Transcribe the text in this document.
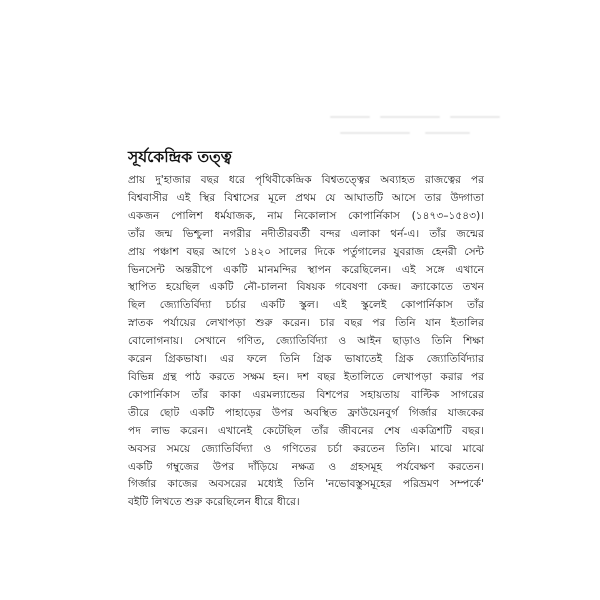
সূর্যকেন্দ্রিক তত্ত্ব

প্রায় দু'হাজার বছর ধরে পৃথিবীকেন্দ্রিক বিশ্বতত্ত্বের অব্যাহত রাজত্বের পর

বিশ্ববাসীর এই স্থির বিশ্বাসের মূলে প্রথম যে আঘাতটি আসে তার উদ্গাতা

একজন পোলিশ ধর্মযাজক, নাম নিকোলাস কোপার্নিকাস (১৪৭৩–১৫৪৩)।

তাঁর জন্ম ভিশ্চুলা নগরীর নদীতীরবর্তী বন্দর এলাকা থর্ন-এ। তাঁর জন্মের

প্রায় পঞ্চাশ বছর আগে ১৪২০ সালের দিকে পর্তুগালের যুবরাজ হেনরী সেন্ট

ভিনসেন্ট অন্তরীপে একটি মানমন্দির স্থাপন করেছিলেন। এই সঙ্গে এখানে

স্থাপিত হয়েছিল একটি নৌ-চালনা বিষয়ক গবেষণা কেন্দ্র। ক্র্যাকোতে তখন

ছিল জ্যোতির্বিদ্যা চর্চার একটি স্কুল। এই স্কুলেই কোপার্নিকাস তাঁর

স্নাতক পর্যায়ের লেখাপড়া শুরু করেন। চার বছর পর তিনি যান ইতালির

বোলোগনায়। সেখানে গণিত, জ্যোতির্বিদ্যা ও আইন ছাড়াও তিনি শিক্ষা

করেন গ্রিকভাষা। এর ফলে তিনি গ্রিক ভাষাতেই গ্রিক জ্যোতির্বিদ্যার

বিভিন্ন গ্রন্থ পাঠ করতে সক্ষম হন। দশ বছর ইতালিতে লেখাপড়া করার পর

কোপার্নিকাস তাঁর কাকা এরমল্যান্ডের বিশপের সহায়তায় বাল্টিক সাগরের

তীরে ছোট একটি পাহাড়ের উপর অবস্থিত ফ্রাউয়েনবুর্গ গির্জার যাজকের

পদ লাভ করেন। এখানেই কেটেছিল তাঁর জীবনের শেষ একত্রিশটি বছর।

অবসর সময়ে জ্যোতির্বিদ্যা ও গণিতের চর্চা করতেন তিনি। মাঝে মাঝে

একটি গম্বুজের উপর দাঁড়িয়ে নক্ষত্র ও গ্রহসমূহ পর্যবেক্ষণ করতেন।

গির্জার কাজের অবসরের মধ্যেই তিনি 'নভোবস্তুসমূহের পরিভ্রমণ সম্পর্কে'

বইটি লিখতে শুরু করেছিলেন ধীরে ধীরে।
